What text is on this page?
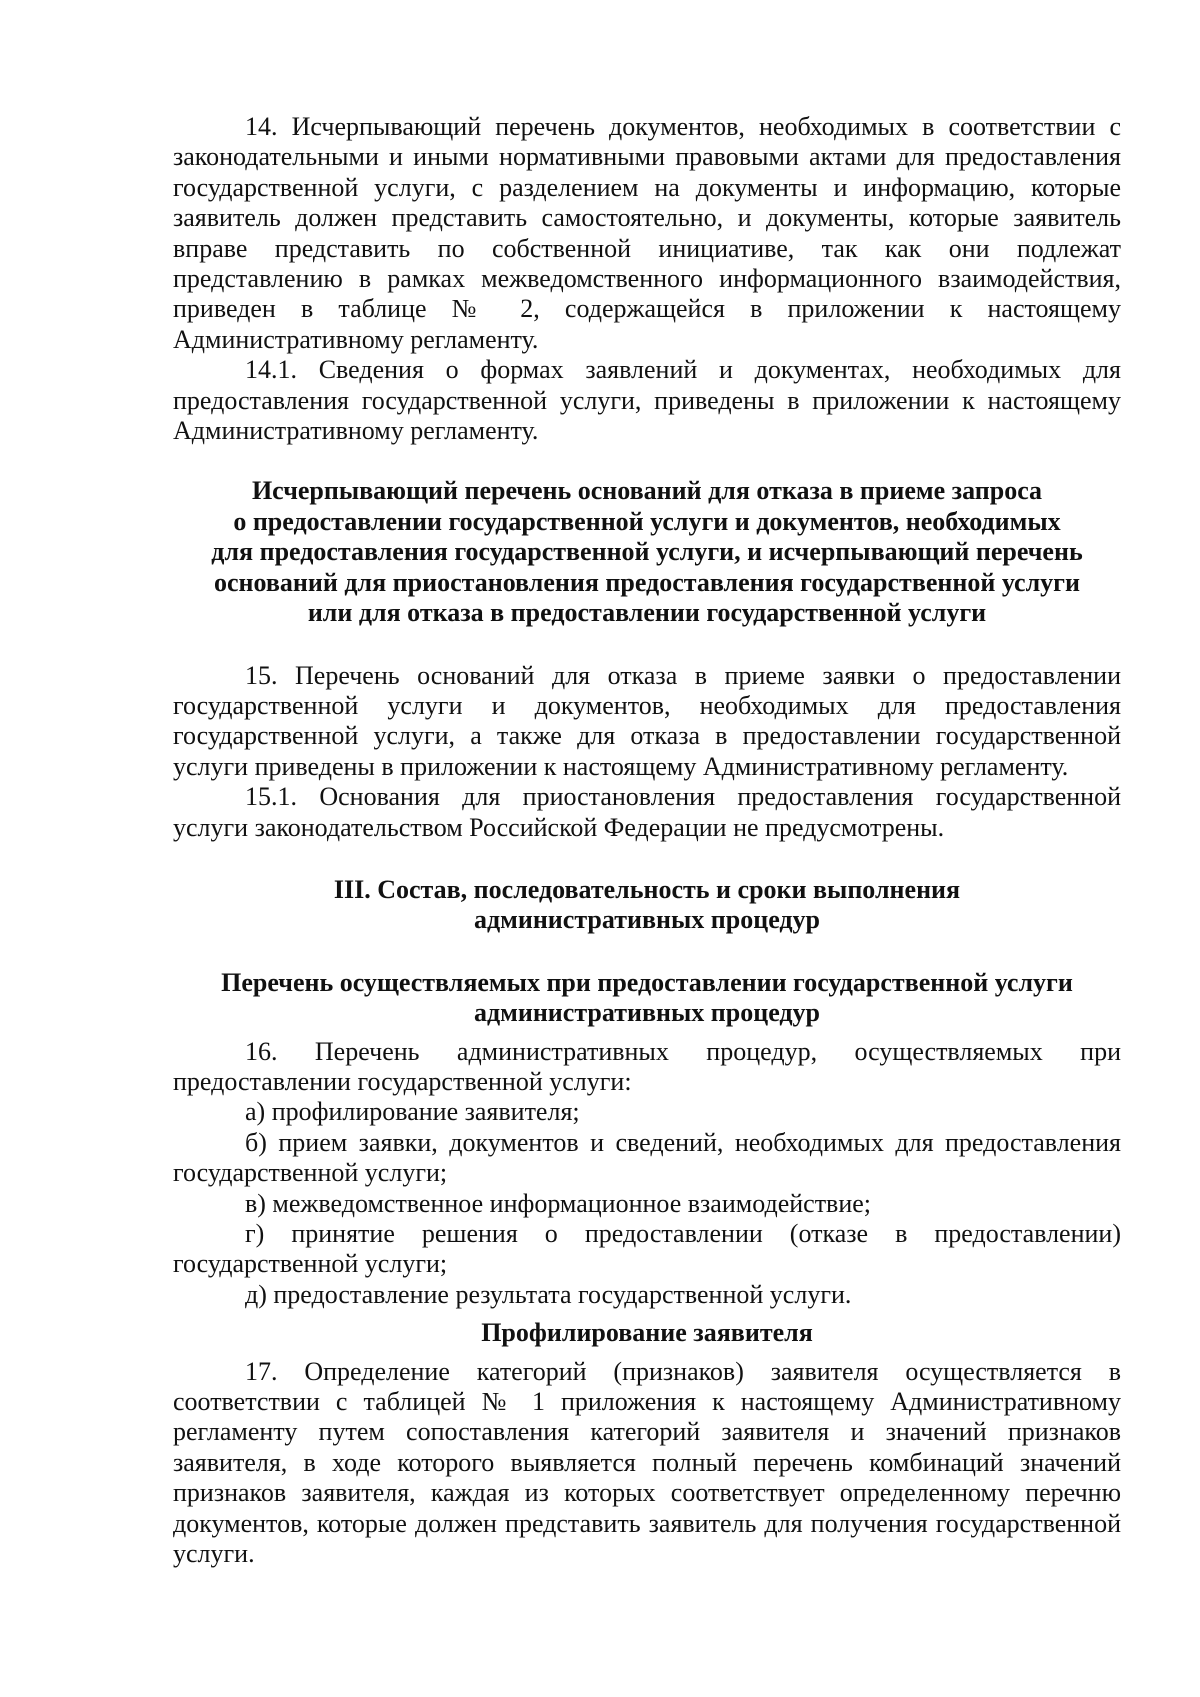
14. Исчерпывающий перечень документов, необходимых в соответствии с законодательными и иными нормативными правовыми актами для предоставления государственной услуги, с разделением на документы и информацию, которые заявитель должен представить самостоятельно, и документы, которые заявитель вправе представить по собственной инициативе, так как они подлежат представлению в рамках межведомственного информационного взаимодействия, приведен в таблице № 2, содержащейся в приложении к настоящему Административному регламенту.

14.1. Сведения о формах заявлений и документах, необходимых для предоставления государственной услуги, приведены в приложении к настоящему Административному регламенту.

Исчерпывающий перечень оснований для отказа в приеме запроса

о предоставлении государственной услуги и документов, необходимых

для предоставления государственной услуги, и исчерпывающий перечень

оснований для приостановления предоставления государственной услуги

или для отказа в предоставлении государственной услуги

15. Перечень оснований для отказа в приеме заявки о предоставлении государственной услуги и документов, необходимых для предоставления государственной услуги, а также для отказа в предоставлении государственной услуги приведены в приложении к настоящему Административному регламенту.

15.1. Основания для приостановления предоставления государственной услуги законодательством Российской Федерации не предусмотрены.

III. Состав, последовательность и сроки выполнения

административных процедур

Перечень осуществляемых при предоставлении государственной услуги

административных процедур

16. Перечень административных процедур, осуществляемых при предоставлении государственной услуги:

а) профилирование заявителя;

б) прием заявки, документов и сведений, необходимых для предоставления государственной услуги;

в) межведомственное информационное взаимодействие;

г) принятие решения о предоставлении (отказе в предоставлении) государственной услуги;

д) предоставление результата государственной услуги.

Профилирование заявителя

17. Определение категорий (признаков) заявителя осуществляется в соответствии с таблицей № 1 приложения к настоящему Административному регламенту путем сопоставления категорий заявителя и значений признаков заявителя, в ходе которого выявляется полный перечень комбинаций значений признаков заявителя, каждая из которых соответствует определенному перечню документов, которые должен представить заявитель для получения государственной услуги.
